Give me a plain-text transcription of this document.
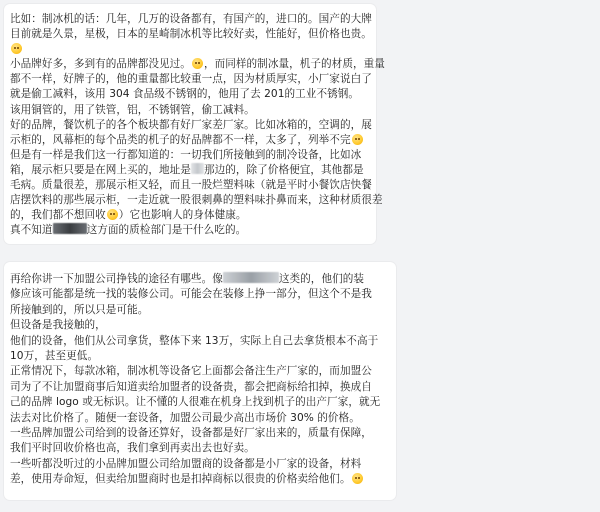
比如：制冰机的话：几年，几万的设备都有，有国产的，进口的。国产的大牌
目前就是久景，星极，日本的星崎制冰机等比较好卖，性能好，但价格也贵。
小品牌好多，多到有的品牌都没见过。 ，而同样的制冰量，机子的材质，重量
都不一样，好牌子的，他的重量都比较重一点，因为材质厚实，小厂家说白了
就是偷工减料，该用 304 食品级不锈钢的，他用了去 201的工业不锈钢。
该用铜管的，用了铁管，铝，不锈钢管，偷工减料。
好的品牌，餐饮机子的各个板块都有好厂家差厂家。比如冰箱的，空调的，展
示柜的，风幕柜的每个品类的机子的好品牌都不一样，太多了，列举不完
但是有一样是我们这一行都知道的：一切我们所接触到的制冷设备，比如冰
箱，展示柜只要是在网上买的，地址是 那边的，除了价格便宜，其他都是
毛病。质量很差，那展示柜又轻，而且一股烂塑料味（就是平时小餐饮店快餐
店摆饮料的那些展示柜，一走近就一股很刺鼻的塑料味扑鼻而来，这种材质很差
的，我们都不想回收 ）它也影响人的身体健康。
真不知道	这方面的质检部门是干什么吃的。
再给你讲一下加盟公司挣钱的途径有哪些。像	这类的，他们的装
修应该可能都是统一找的装修公司。可能会在装修上挣一部分，但这个不是我
所接触到的，所以只是可能。
但设备是我接触的，
他们的设备，他们从公司拿货，整体下来 13万，实际上自己去拿货根本不高于
10万，甚至更低。
正常情况下，每款冰箱，制冰机等设备它上面都会备注生产厂家的，而加盟公
司为了不让加盟商事后知道卖给加盟者的设备贵，都会把商标给扣掉，换成自
己的品牌 logo 或无标识。让不懂的人很难在机身上找到机子的出产厂家，就无
法去对比价格了。随便一套设备，加盟公司最少高出市场价 30% 的价格。
一些品牌加盟公司给到的设备还算好，设备都是好厂家出来的，质量有保障，
我们平时回收价格也高，我们拿到再卖出去也好卖。
一些听都没听过的小品牌加盟公司给加盟商的设备都是小厂家的设备，材料
差，使用寿命短，但卖给加盟商时也是扣掉商标以很贵的价格卖给他们。
